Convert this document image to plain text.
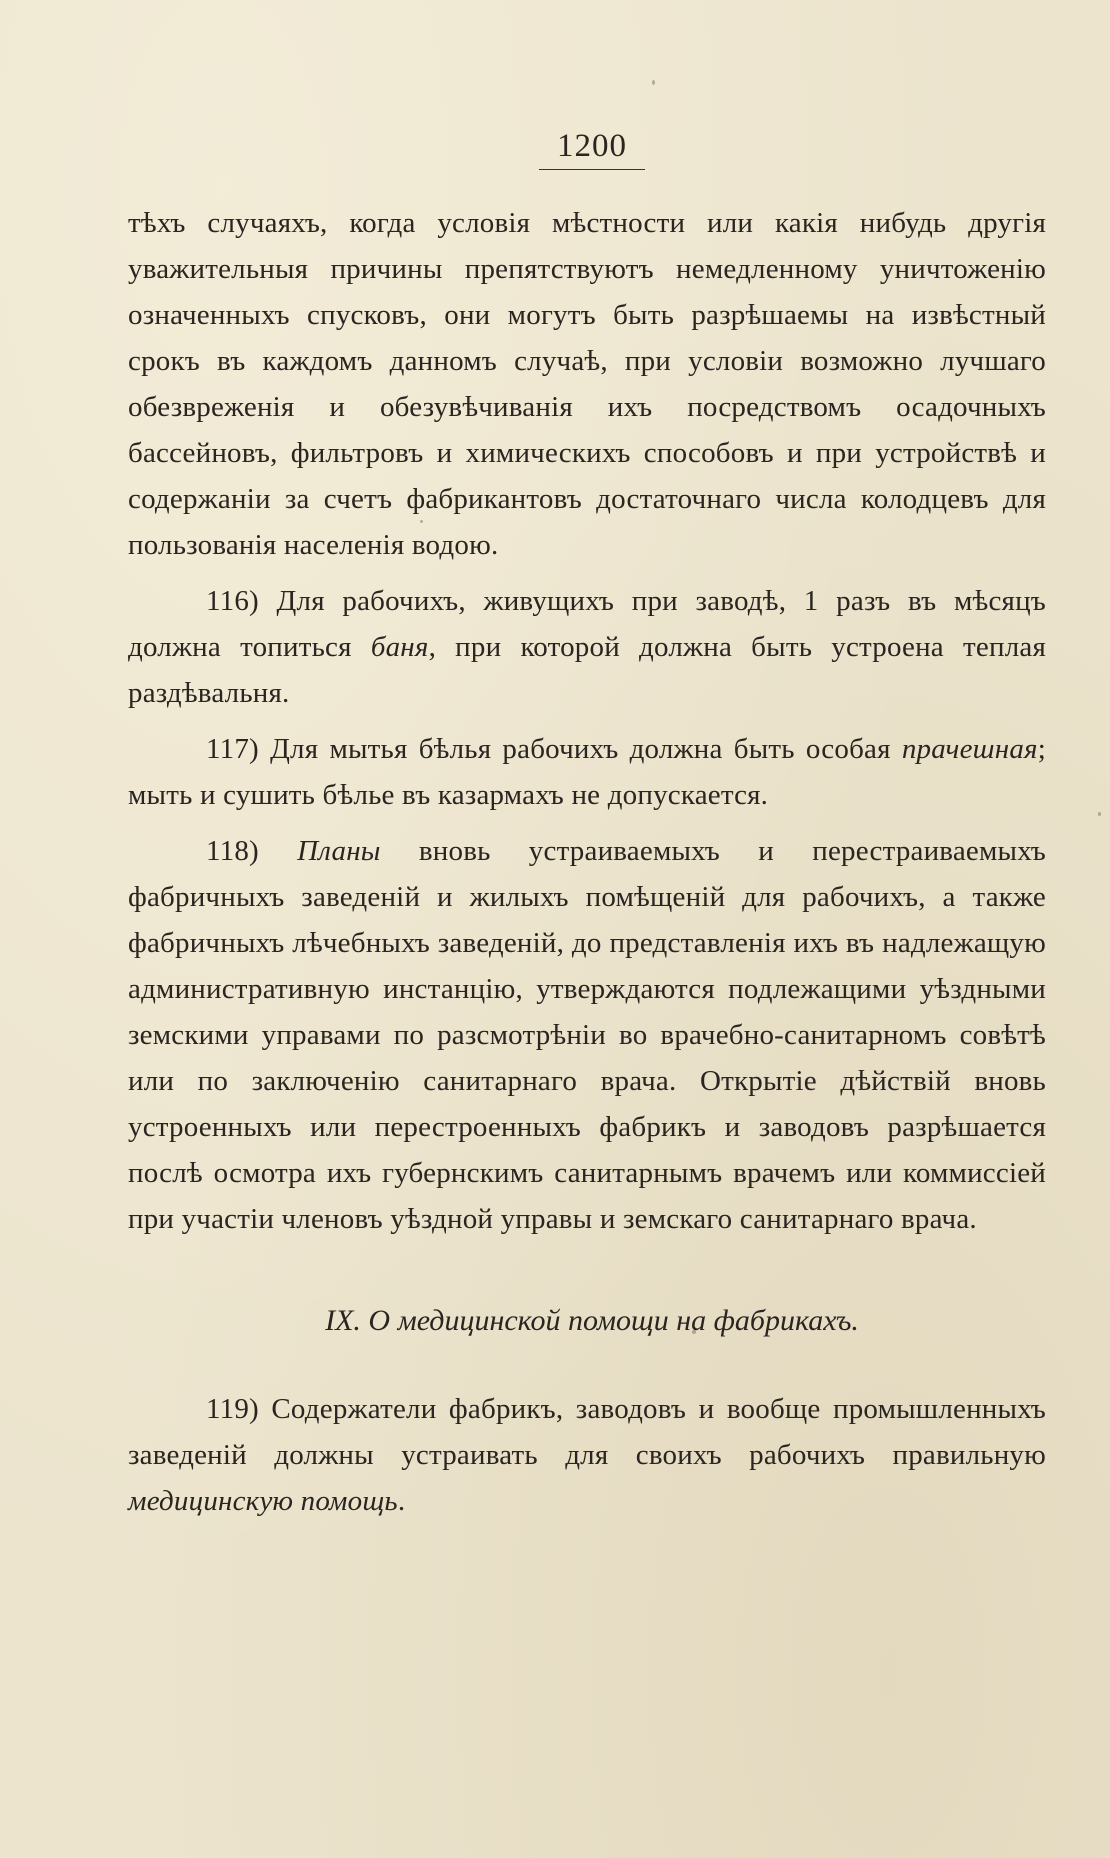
1200

тѣхъ случаяхъ, когда условія мѣстности или какія нибудь другія уважительныя причины препятствуютъ немедленному уничтоженію означенныхъ спусковъ, они могутъ быть разрѣшаемы на извѣстный срокъ въ каждомъ данномъ случаѣ, при условіи возможно лучшаго обезвреженія и обезувѣчиванія ихъ посредствомъ осадочныхъ бассейновъ, фильтровъ и химическихъ способовъ и при устройствѣ и содержаніи за счетъ фабрикантовъ достаточнаго числа колодцевъ для пользованія населенія водою.

116) Для рабочихъ, живущихъ при заводѣ, 1 разъ въ мѣсяцъ должна топиться баня, при которой должна быть устроена теплая раздѣвальня.

117) Для мытья бѣлья рабочихъ должна быть особая прачешная; мыть и сушить бѣлье въ казармахъ не допускается.

118) Планы вновь устраиваемыхъ и перестраиваемыхъ фабричныхъ заведеній и жилыхъ помѣщеній для рабочихъ, а также фабричныхъ лѣчебныхъ заведеній, до представленія ихъ въ надлежащую административную инстанцію, утверждаются подлежащими уѣздными земскими управами по разсмотрѣніи во врачебно-санитарномъ совѣтѣ или по заключенію санитарнаго врача. Открытіе дѣйствій вновь устроенныхъ или перестроенныхъ фабрикъ и заводовъ разрѣшается послѣ осмотра ихъ губернскимъ санитарнымъ врачемъ или коммиссіей при участіи членовъ уѣздной управы и земскаго санитарнаго врача.

IX. О медицинской помощи на фабрикахъ.

119) Содержатели фабрикъ, заводовъ и вообще промышленныхъ заведеній должны устраивать для своихъ рабочихъ правильную медицинскую помощь.
